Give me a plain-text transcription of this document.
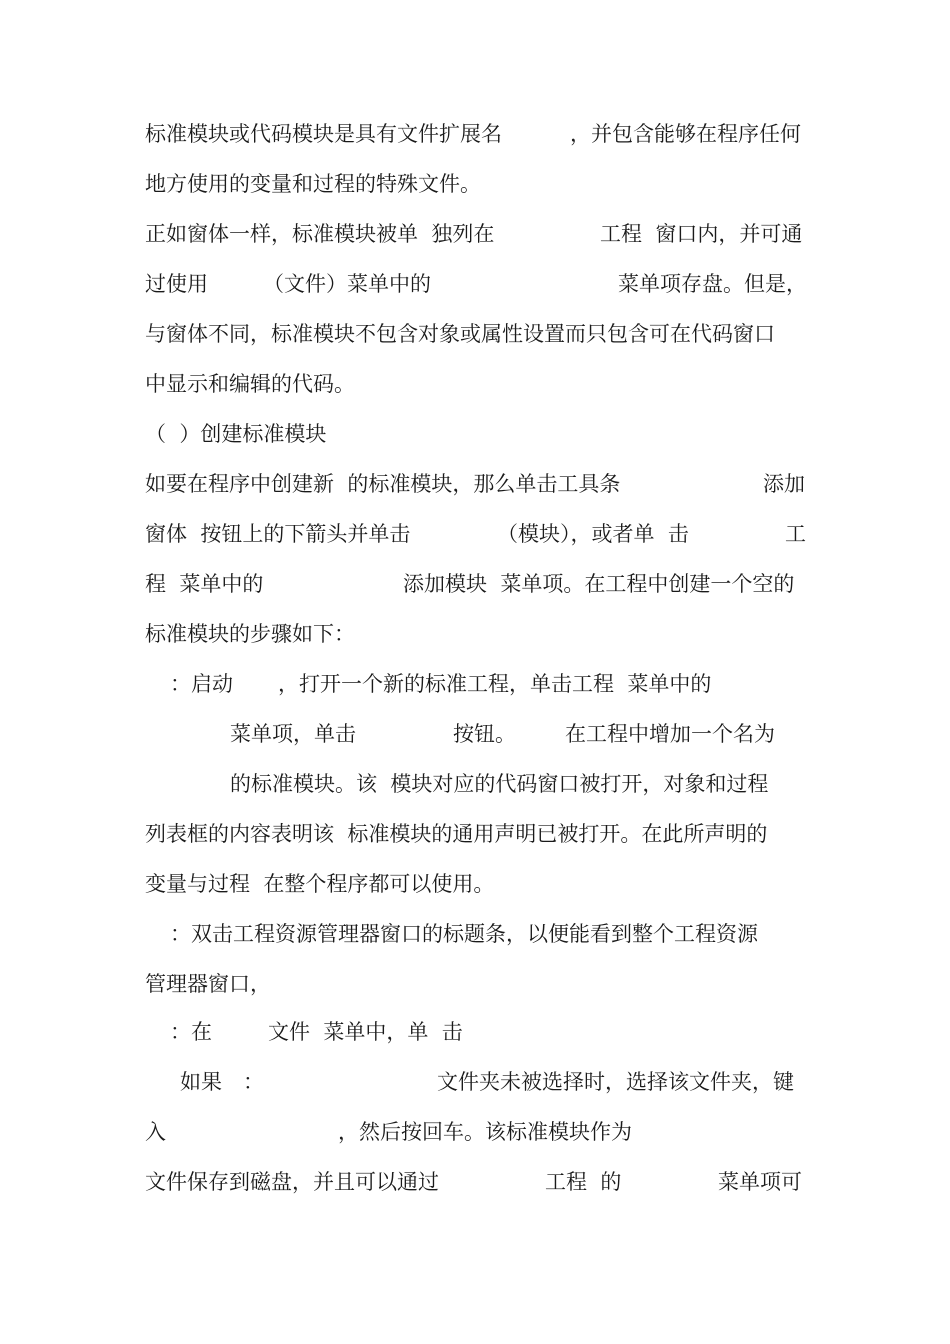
标准模块或代码模块是具有文件扩展名

	，并包含能够在程序任何

地方使用的变量和过程的特殊文件。

正如窗体一样，标准模块被单  独列在

	工程  窗口内，并可通

过使用

	（文件）菜单中的

	菜单项存盘。但是，

与窗体不同，标准模块不包含对象或属性设置而只包含可在代码窗口

中显示和编辑的代码。

（  ）创建标准模块

如要在程序中创建新  的标准模块，那么单击工具条

	添加

窗体  按钮上的下箭头并单击

	（模块），或者单  击

	工

程  菜单中的

	添加模块  菜单项。在工程中创建一个空的

标准模块的步骤如下：

：启动

，打开一个新的标准工程，单击工程  菜单中的

菜单项，单击

	按钮。

在工程中增加一个名为

的标准模块。该  模块对应的代码窗口被打开，对象和过程

列表框的内容表明该  标准模块的通用声明已被打开。在此所声明的

变量与过程  在整个程序都可以使用。

：双击工程资源管理器窗口的标题条，以便能看到整个工程资源

管理器窗口，

：在

	文件  菜单中，单  击

如果

：

	文件夹未被选择时，选择该文件夹，键

入

	，然后按回车。该标准模块作为

文件保存到磁盘，并且可以通过

	工程  的

	菜单项可
